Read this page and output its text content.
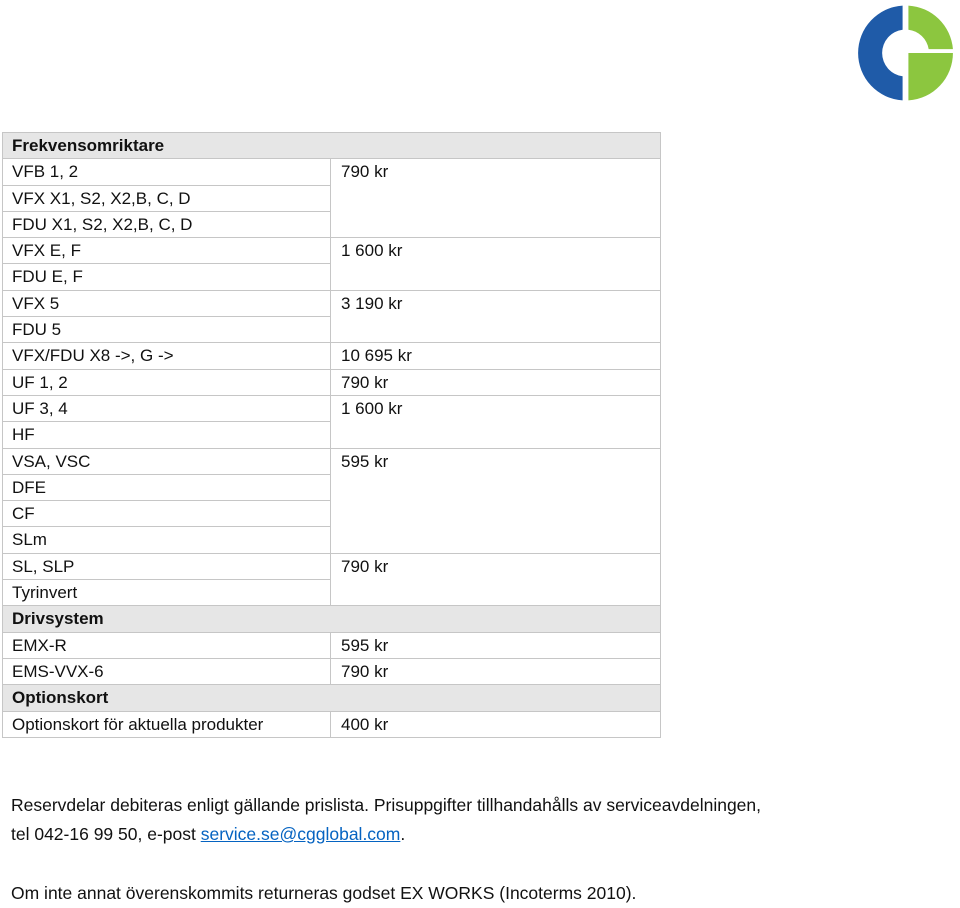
Frekvensomriktare	
VFB 1, 2	790 kr
VFX X1, S2, X2,B, C, D	
FDU X1, S2, X2,B, C, D	
VFX E, F	1 600 kr
FDU E, F	
VFX 5	3 190 kr
FDU 5	
VFX/FDU X8 ->, G ->	10 695 kr
UF 1, 2	790 kr
UF 3, 4	1 600 kr
HF	
VSA, VSC	595 kr
DFE	
CF	
SLm	
SL, SLP	790 kr
Tyrinvert	
Drivsystem	
EMX-R	595 kr
EMS-VVX-6	790 kr
Optionskort	
Optionskort för aktuella produkter	400 kr

Reservdelar debiteras enligt gällande prislista. Prisuppgifter tillhandahålls av serviceavdelningen,
tel 042-16 99 50, e-post service.se@cgglobal.com.

Om inte annat överenskommits returneras godset EX WORKS (Incoterms 2010).
